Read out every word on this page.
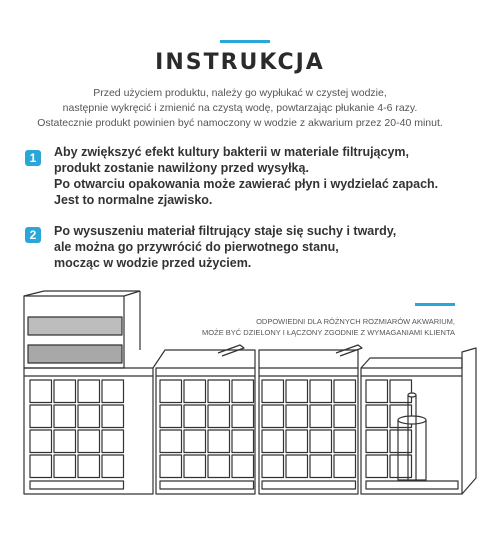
INSTRUKCJA
Przed użyciem produktu, należy go wypłukać w czystej wodzie,
następnie wykręcić i zmienić na czystą wodę, powtarzając płukanie 4-6 razy.
Ostatecznie produkt powinien być namoczony w wodzie z akwarium przez 20-40 minut.
1	Aby zwiększyć efekt kultury bakterii w materiale filtrującym,
produkt zostanie nawilżony przed wysyłką.
Po otwarciu opakowania może zawierać płyn i wydzielać zapach.
Jest to normalne zjawisko.
2	Po wysuszeniu materiał filtrujący staje się suchy i twardy,
ale można go przywrócić do pierwotnego stanu,
mocząc w wodzie przed użyciem.
ODPOWIEDNI DLA RÓŻNYCH ROZMIARÓW AKWARIUM,
MOŻE BYĆ DZIELONY I ŁĄCZONY ZGODNIE Z WYMAGANIAMI KLIENTA
